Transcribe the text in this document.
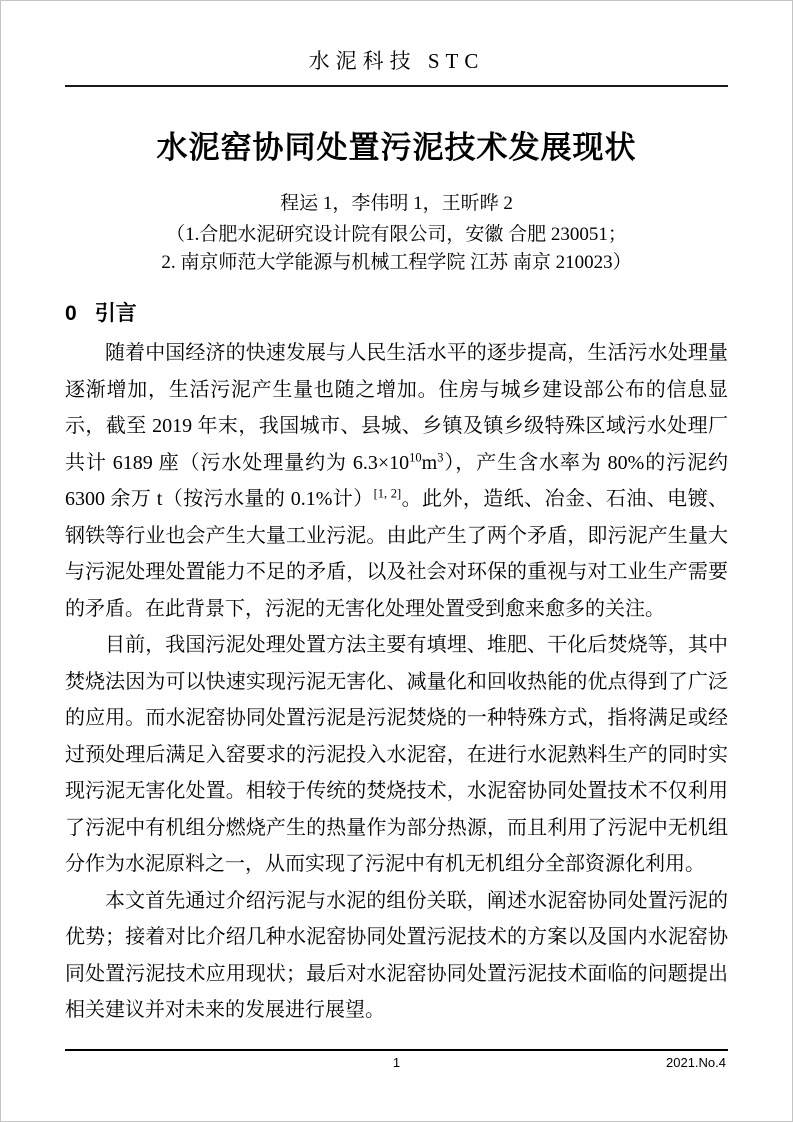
水泥科技 STC
水泥窑协同处置污泥技术发展现状
程运 1，李伟明 1，王昕晔 2
（1.合肥水泥研究设计院有限公司，安徽 合肥 230051；
2. 南京师范大学能源与机械工程学院 江苏 南京 210023）
0 引言

随着中国经济的快速发展与人民生活水平的逐步提高，生活污水处理量逐渐增加，生活污泥产生量也随之增加。住房与城乡建设部公布的信息显示，截至 2019 年末，我国城市、县城、乡镇及镇乡级特殊区域污水处理厂共计 6189 座（污水处理量约为 $6.3\times 10^{10}m^3$），产生含水率为 80%的污泥约 6300 余万 t（按污水量的 0.1%计）[1, 2]。此外，造纸、冶金、石油、电镀、钢铁等行业也会产生大量工业污泥。由此产生了两个矛盾，即污泥产生量大与污泥处理处置能力不足的矛盾，以及社会对环保的重视与对工业生产需要的矛盾。在此背景下，污泥的无害化处理处置受到愈来愈多的关注。

目前，我国污泥处理处置方法主要有填埋、堆肥、干化后焚烧等，其中焚烧法因为可以快速实现污泥无害化、减量化和回收热能的优点得到了广泛的应用。而水泥窑协同处置污泥是污泥焚烧的一种特殊方式，指将满足或经过预处理后满足入窑要求的污泥投入水泥窑，在进行水泥熟料生产的同时实现污泥无害化处置。相较于传统的焚烧技术，水泥窑协同处置技术不仅利用了污泥中有机组分燃烧产生的热量作为部分热源，而且利用了污泥中无机组分作为水泥原料之一，从而实现了污泥中有机无机组分全部资源化利用。

本文首先通过介绍污泥与水泥的组份关联，阐述水泥窑协同处置污泥的优势；接着对比介绍几种水泥窑协同处置污泥技术的方案以及国内水泥窑协同处置污泥技术应用现状；最后对水泥窑协同处置污泥技术面临的问题提出相关建议并对未来的发展进行展望。

1	2021.No.4
